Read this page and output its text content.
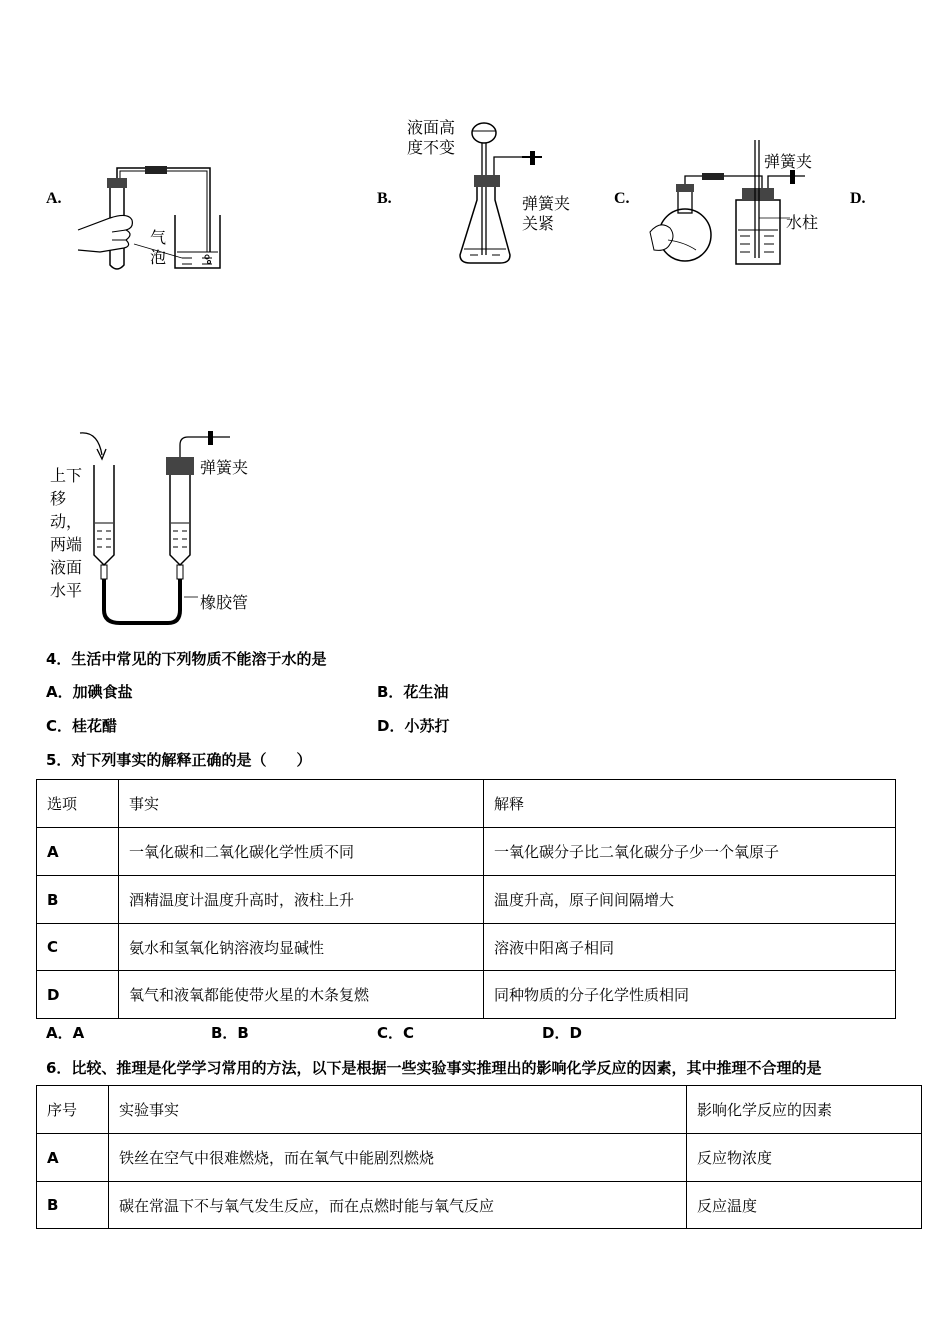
A.	B.	C.	D.
气泡
液面高度不变
弹簧夹关紧
弹簧夹
水柱
上下移动，两端液面水平
弹簧夹
橡胶管
4．生活中常见的下列物质不能溶于水的是
A．加碘食盐	B．花生油
C．桂花醋	D．小苏打
5．对下列事实的解释正确的是（　　）
选项	事实	解释
A	一氧化碳和二氧化碳化学性质不同	一氧化碳分子比二氧化碳分子少一个氧原子
B	酒精温度计温度升高时，液柱上升	温度升高，原子间间隔增大
C	氨水和氢氧化钠溶液均显碱性	溶液中阳离子相同
D	氧气和液氧都能使带火星的木条复燃	同种物质的分子化学性质相同
A．A	B．B	C．C	D．D
6．比较、推理是化学学习常用的方法，以下是根据一些实验事实推理出的影响化学反应的因素，其中推理不合理的是
序号	实验事实	影响化学反应的因素
A	铁丝在空气中很难燃烧，而在氧气中能剧烈燃烧	反应物浓度
B	碳在常温下不与氧气发生反应，而在点燃时能与氧气反应	反应温度
